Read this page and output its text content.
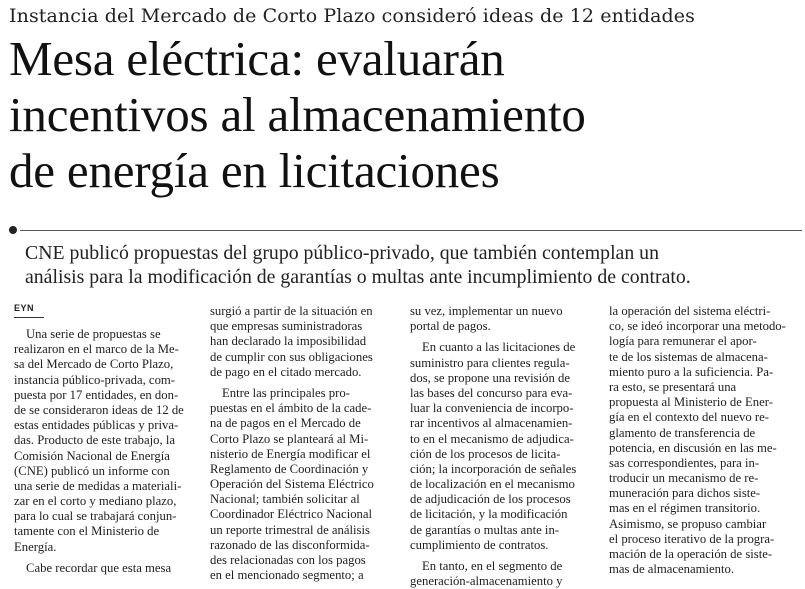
Instancia del Mercado de Corto Plazo consideró ideas de 12 entidades
Mesa eléctrica: evaluarán
incentivos al almacenamiento
de energía en licitaciones
CNE publicó propuestas del grupo público-privado, que también contemplan un
análisis para la modificación de garantías o multas ante incumplimiento de contrato.
EYN
Una serie de propuestas se
realizaron en el marco de la Me-
sa del Mercado de Corto Plazo,
instancia público-privada, com-
puesta por 17 entidades, en don-
de se consideraron ideas de 12 de
estas entidades públicas y priva-
das. Producto de este trabajo, la
Comisión Nacional de Energía
(CNE) publicó un informe con
una serie de medidas a materiali-
zar en el corto y mediano plazo,
para lo cual se trabajará conjun-
tamente con el Ministerio de
Energía.
Cabe recordar que esta mesa
surgió a partir de la situación en
que empresas suministradoras
han declarado la imposibilidad
de cumplir con sus obligaciones
de pago en el citado mercado.
Entre las principales pro-
puestas en el ámbito de la cade-
na de pagos en el Mercado de
Corto Plazo se planteará al Mi-
nisterio de Energía modificar el
Reglamento de Coordinación y
Operación del Sistema Eléctrico
Nacional; también solicitar al
Coordinador Eléctrico Nacional
un reporte trimestral de análisis
razonado de las disconformida-
des relacionadas con los pagos
en el mencionado segmento; a
su vez, implementar un nuevo
portal de pagos.
En cuanto a las licitaciones de
suministro para clientes regula-
dos, se propone una revisión de
las bases del concurso para eva-
luar la conveniencia de incorpo-
rar incentivos al almacenamien-
to en el mecanismo de adjudica-
ción de los procesos de licita-
ción; la incorporación de señales
de localización en el mecanismo
de adjudicación de los procesos
de licitación, y la modificación
de garantías o multas ante in-
cumplimiento de contratos.
En tanto, en el segmento de
generación-almacenamiento y
la operación del sistema eléctri-
co, se ideó incorporar una metodo-
logía para remunerar el apor-
te de los sistemas de almacena-
miento puro a la suficiencia. Pa-
ra esto, se presentará una
propuesta al Ministerio de Ener-
gía en el contexto del nuevo re-
glamento de transferencia de
potencia, en discusión en las me-
sas correspondientes, para in-
troducir un mecanismo de re-
muneración para dichos siste-
mas en el régimen transitorio.
Asimismo, se propuso cambiar
el proceso iterativo de la progra-
mación de la operación de siste-
mas de almacenamiento.
